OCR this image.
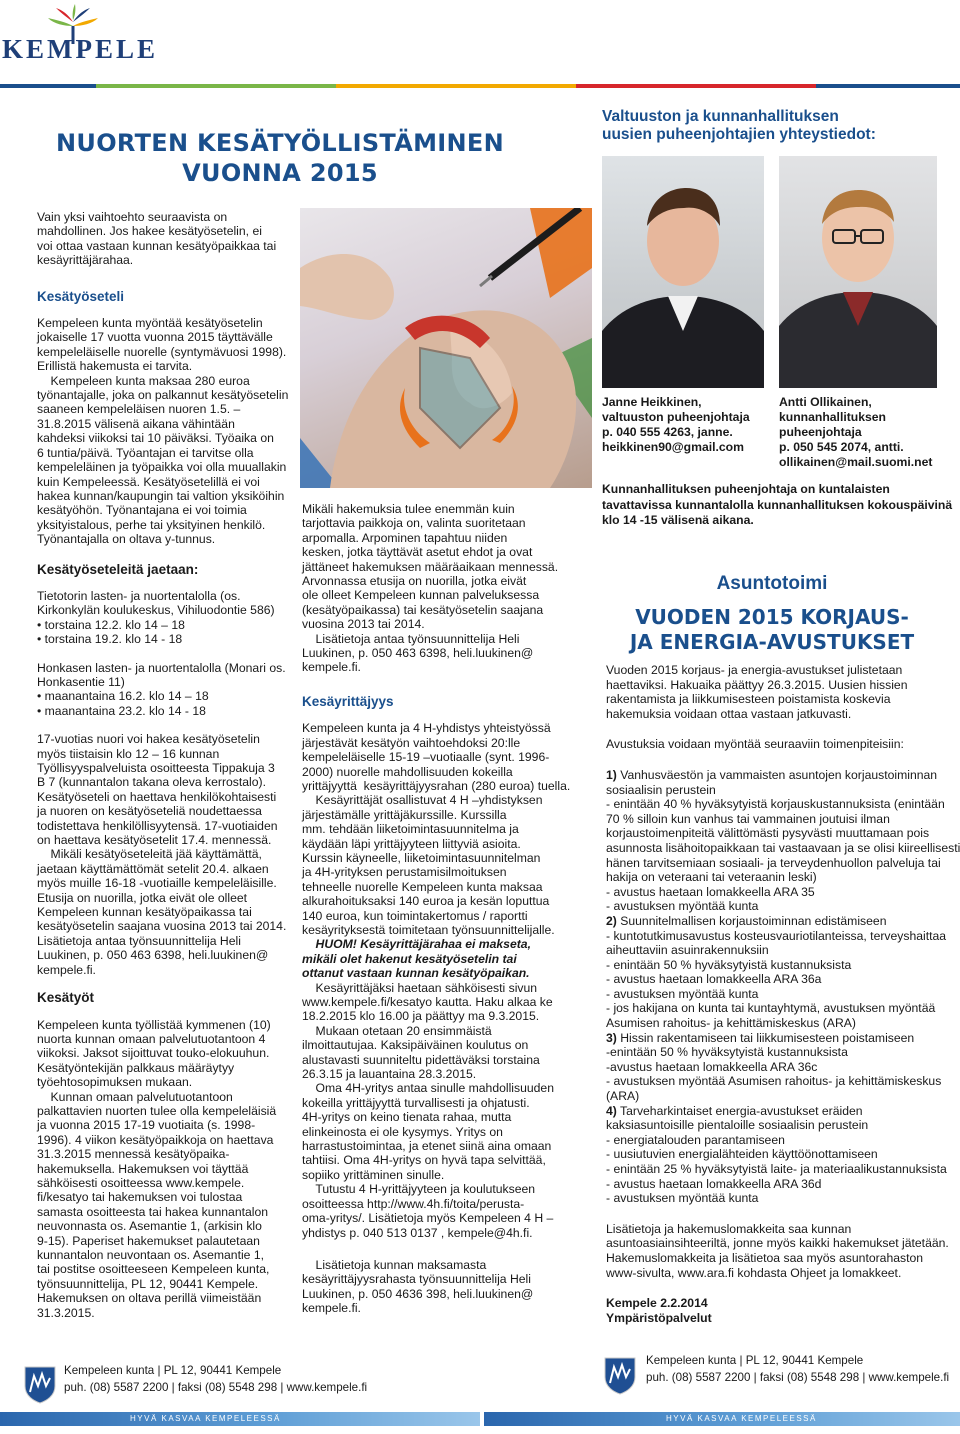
KEMPELE
NUORTEN KESÄTYÖLLISTÄMINEN
VUONNA 2015
Vain yksi vaihtoehto seuraavista on
mahdollinen. Jos hakee kesätyösetelin, ei
voi ottaa vastaan kunnan kesätyöpaikkaa tai
kesäyrittäjärahaa.
Kesätyöseteli
Kempeleen kunta myöntää kesätyösetelin
jokaiselle 17 vuotta vuonna 2015 täyttävälle
kempeleläiselle nuorelle (syntymävuosi 1998).
Erillistä hakemusta ei tarvita.
Kempeleen kunta maksaa 280 euroa
työnantajalle, joka on palkannut kesätyösetelin
saaneen kempeleläisen nuoren 1.5. –
31.8.2015 välisenä aikana vähintään
kahdeksi viikoksi tai 10 päiväksi. Työaika on
6 tuntia/päivä. Työantajan ei tarvitse olla
kempeleläinen ja työpaikka voi olla muuallakin
kuin Kempeleessä. Kesätyösetelillä ei voi
hakea kunnan/kaupungin tai valtion yksiköihin
kesätyöhön. Työnantajana ei voi toimia
yksityistalous, perhe tai yksityinen henkilö.
Työnantajalla on oltava y-tunnus.
Kesätyöseteleitä jaetaan:
Tietotorin lasten- ja nuortentalolla (os.
Kirkonkylän koulukeskus, Vihiluodontie 586)
• torstaina 12.2. klo 14 – 18
• torstaina 19.2. klo 14 - 18
Honkasen lasten- ja nuortentalolla (Monari os.
Honkasentie 11)
• maanantaina 16.2. klo 14 – 18
• maanantaina 23.2. klo 14 - 18
17-vuotias nuori voi hakea kesätyösetelin
myös tiistaisin klo 12 – 16 kunnan
Työllisyyspalveluista osoitteesta Tippakuja 3
B 7 (kunnantalon takana oleva kerrostalo).
Kesätyöseteli on haettava henkilökohtaisesti
ja nuoren on kesätyöseteliä noudettaessa
todistettava henkilöllisyytensä. 17-vuotiaiden
on haettava kesätyösetelit 17.4. mennessä.
Mikäli kesätyöseteleitä jää käyttämättä,
jaetaan käyttämättömät setelit 20.4. alkaen
myös muille 16-18 -vuotiaille kempeleläisille.
Etusija on nuorilla, jotka eivät ole olleet
Kempeleen kunnan kesätyöpaikassa tai
kesätyösetelin saajana vuosina 2013 tai 2014.
Lisätietoja antaa työnsuunnittelija Heli
Luukinen, p. 050 463 6398, heli.luukinen@
kempele.fi.
Kesätyöt
Kempeleen kunta työllistää kymmenen (10)
nuorta kunnan omaan palvelutuotantoon 4
viikoksi. Jaksot sijoittuvat touko-elokuuhun.
Kesätyöntekijän palkkaus määräytyy
työehtosopimuksen mukaan.
Kunnan omaan palvelutuotantoon
palkattavien nuorten tulee olla kempeleläisiä
ja vuonna 2015 17-19 vuotiaita (s. 1998-
1996). 4 viikon kesätyöpaikkoja on haettava
31.3.2015 mennessä kesätyöpaika-
hakemuksella. Hakemuksen voi täyttää
sähköisesti osoitteessa www.kempele.
fi/kesatyo tai hakemuksen voi tulostaa
samasta osoitteesta tai hakea kunnantalon
neuvonnasta os. Asemantie 1, (arkisin klo
9-15). Paperiset hakemukset palautetaan
kunnantalon neuvontaan os. Asemantie 1,
tai postitse osoitteeseen Kempeleen kunta,
työnsuunnittelija, PL 12, 90441 Kempele.
Hakemuksen on oltava perillä viimeistään
31.3.2015.
Mikäli hakemuksia tulee enemmän kuin
tarjottavia paikkoja on, valinta suoritetaan
arpomalla. Arpominen tapahtuu niiden
kesken, jotka täyttävät asetut ehdot ja ovat
jättäneet hakemuksen määräaikaan mennessä.
Arvonnassa etusija on nuorilla, jotka eivät
ole olleet Kempeleen kunnan palveluksessa
(kesätyöpaikassa) tai kesätyösetelin saajana
vuosina 2013 tai 2014.
Lisätietoja antaa työnsuunnittelija Heli
Luukinen, p. 050 463 6398, heli.luukinen@
kempele.fi.
Kesäyrittäjyys
Kempeleen kunta ja 4 H-yhdistys yhteistyössä
järjestävät kesätyön vaihtoehdoksi 20:lle
kempeleläiselle 15-19 –vuotiaalle (synt. 1996-
2000) nuorelle mahdollisuuden kokeilla
yrittäjyyttä  kesäyrittäjyysrahan (280 euroa) tuella.
Kesäyrittäjät osallistuvat 4 H –yhdistyksen
järjestämälle yrittäjäkurssille. Kurssilla
mm. tehdään liiketoimintasuunnitelma ja
käydään läpi yrittäjyyteen liittyviä asioita.
Kurssin käyneelle, liiketoimintasuunnitelman
ja 4H-yrityksen perustamisilmoituksen
tehneelle nuorelle Kempeleen kunta maksaa
alkurahoituksaksi 140 euroa ja kesän loputtua
140 euroa, kun toimintakertomus / raportti
kesäyrityksestä toimitetaan työnsuunnittelijalle.
HUOM! Kesäyrittäjärahaa ei makseta,
mikäli olet hakenut kesätyösetelin tai
ottanut vastaan kunnan kesätyöpaikan.
Kesäyrittäjäksi haetaan sähköisesti sivun
www.kempele.fi/kesatyo kautta. Haku alkaa ke
18.2.2015 klo 16.00 ja päättyy ma 9.3.2015.
Mukaan otetaan 20 ensimmäistä
ilmoittautujaa. Kaksipäiväinen koulutus on
alustavasti suunniteltu pidettäväksi torstaina
26.3.15 ja lauantaina 28.3.2015.
Oma 4H-yritys antaa sinulle mahdollisuuden
kokeilla yrittäjyyttä turvallisesti ja ohjatusti.
4H-yritys on keino tienata rahaa, mutta
elinkeinosta ei ole kysymys. Yritys on
harrastustoimintaa, ja etenet siinä aina omaan
tahtiisi. Oma 4H-yritys on hyvä tapa selvittää,
sopiiko yrittäminen sinulle.
Tutustu 4 H-yrittäjyyteen ja koulutukseen
osoitteessa http://www.4h.fi/toita/perusta-
oma-yritys/. Lisätietoja myös Kempeleen 4 H –
yhdistys p. 040 513 0137 , kempele@4h.fi.
Lisätietoja kunnan maksamasta
kesäyrittäjyysrahasta työnsuunnittelija Heli
Luukinen, p. 050 4636 398, heli.luukinen@
kempele.fi.
Valtuuston ja kunnanhallituksen
uusien puheenjohtajien yhteystiedot:
Janne Heikkinen,
valtuuston puheenjohtaja
p. 040 555 4263, janne.
heikkinen90@gmail.com
Antti Ollikainen,
kunnanhallituksen
puheenjohtaja
p. 050 545 2074, antti.
ollikainen@mail.suomi.net
Kunnanhallituksen puheenjohtaja on kuntalaisten
tavattavissa kunnantalolla kunnanhallituksen kokouspäivinä
klo 14 -15 välisenä aikana.
Asuntotoimi
VUODEN 2015 KORJAUS-
JA ENERGIA-AVUSTUKSET
Vuoden 2015 korjaus- ja energia-avustukset julistetaan
haettaviksi. Hakuaika päättyy 26.3.2015. Uusien hissien
rakentamista ja liikkumisesteen poistamista koskevia
hakemuksia voidaan ottaa vastaan jatkuvasti.
Avustuksia voidaan myöntää seuraaviin toimenpiteisiin:
1) Vanhusväestön ja vammaisten asuntojen korjaustoiminnan
sosiaalisin perustein
- enintään 40 % hyväksytyistä korjauskustannuksista (enintään
70 % silloin kun vanhus tai vammainen joutuisi ilman
korjaustoimenpiteitä välittömästi pysyvästi muuttamaan pois
asunnosta lisähoitopaikkaan tai vastaavaan ja se olisi kiireellisesti
hänen tarvitsemiaan sosiaali- ja terveydenhuollon palveluja tai
hakija on veteraani tai veteraanin leski)
- avustus haetaan lomakkeella ARA 35
- avustuksen myöntää kunta
2) Suunnitelmallisen korjaustoiminnan edistämiseen
- kuntotutkimusavustus kosteusvauriotilanteissa, terveyshaittaa
aiheuttaviin asuinrakennuksiin
- enintään 50 % hyväksytyistä kustannuksista
- avustus haetaan lomakkeella ARA 36a
- avustuksen myöntää kunta
- jos hakijana on kunta tai kuntayhtymä, avustuksen myöntää
Asumisen rahoitus- ja kehittämiskeskus (ARA)
3) Hissin rakentamiseen tai liikkumisesteen poistamiseen
-enintään 50 % hyväksytyistä kustannuksista
-avustus haetaan lomakkeella ARA 36c
- avustuksen myöntää Asumisen rahoitus- ja kehittämiskeskus
(ARA)
4) Tarveharkintaiset energia-avustukset eräiden
kaksiasuntoisille pientaloille sosiaalisin perustein
- energiatalouden parantamiseen
- uusiutuvien energialähteiden käyttöönottamiseen
- enintään 25 % hyväksytyistä laite- ja materiaalikustannuksista
- avustus haetaan lomakkeella ARA 36d
- avustuksen myöntää kunta
Lisätietoja ja hakemuslomakkeita saa kunnan
asuntoasiainsihteeriltä, jonne myös kaikki hakemukset jätetään.
Hakemuslomakkeita ja lisätietoa saa myös asuntorahaston
www-sivulta, www.ara.fi kohdasta Ohjeet ja lomakkeet.
Kempele 2.2.2014
Ympäristöpalvelut
Kempeleen kunta | PL 12, 90441 Kempele
puh. (08) 5587 2200 | faksi (08) 5548 298 | www.kempele.fi
HYVÄ KASVAA KEMPELEESSÄ
Kempeleen kunta | PL 12, 90441 Kempele
puh. (08) 5587 2200 | faksi (08) 5548 298 | www.kempele.fi
HYVÄ KASVAA KEMPELEESSÄ
